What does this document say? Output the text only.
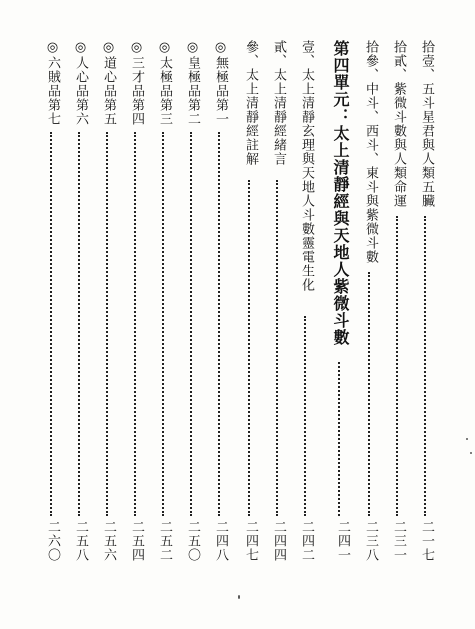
拾壹、五斗星君與人類五臟
二一七
拾貳、紫微斗數與人類命運
二三一
拾參、中斗、西斗、東斗與紫微斗數
二三八
第四單元：太上清靜經與天地人紫微斗數
二四一
壹、太上清靜玄理與天地人斗數靈電生化
二四二
貳、太上清靜經緒言
二四四
參、太上清靜經註解
二四七
◎無極品第一
二四八
◎皇極品第二
二五〇
◎太極品第三
二五二
◎三才品第四
二五四
◎道心品第五
二五六
◎人心品第六
二五八
◎六賊品第七
二六〇
